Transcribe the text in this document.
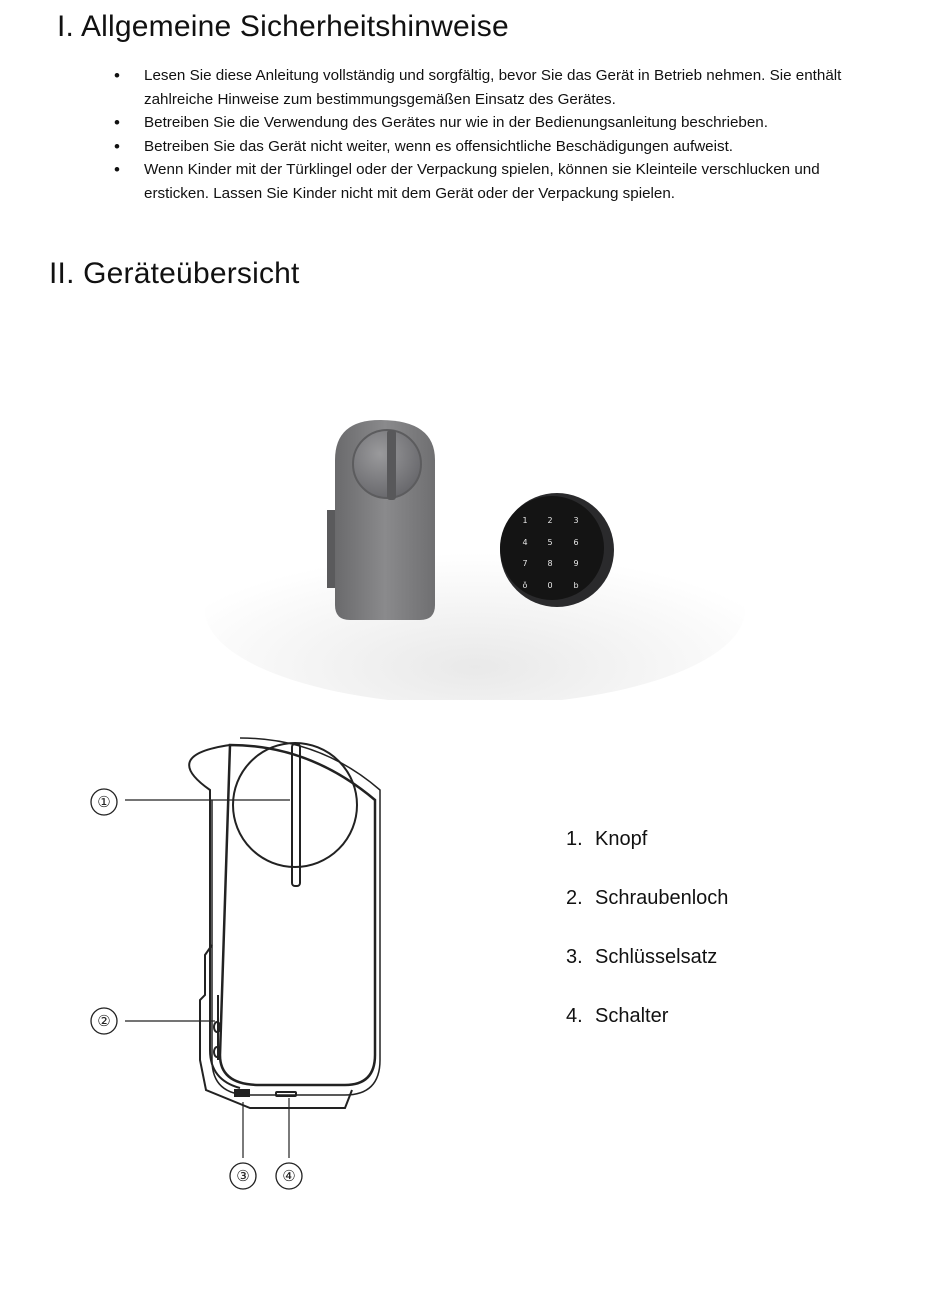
I. Allgemeine Sicherheitshinweise
• Lesen Sie diese Anleitung vollständig und sorgfältig, bevor Sie das Gerät in Betrieb nehmen. Sie enthält zahlreiche Hinweise zum bestimmungsgemäßen Einsatz des Gerätes.
• Betreiben Sie die Verwendung des Gerätes nur wie in der Bedienungsanleitung beschrieben.
• Betreiben Sie das Gerät nicht weiter, wenn es offensichtliche Beschädigungen aufweist.
• Wenn Kinder mit der Türklingel oder der Verpackung spielen, können sie Kleinteile verschlucken und ersticken. Lassen Sie Kinder nicht mit dem Gerät oder der Verpackung spielen.
II. Geräteübersicht
1 2	3
4 5	6
7 8	9
ǒ	0	b
①
②
③ ④
1. Knopf
2. Schraubenloch
3. Schlüsselsatz
4. Schalter
